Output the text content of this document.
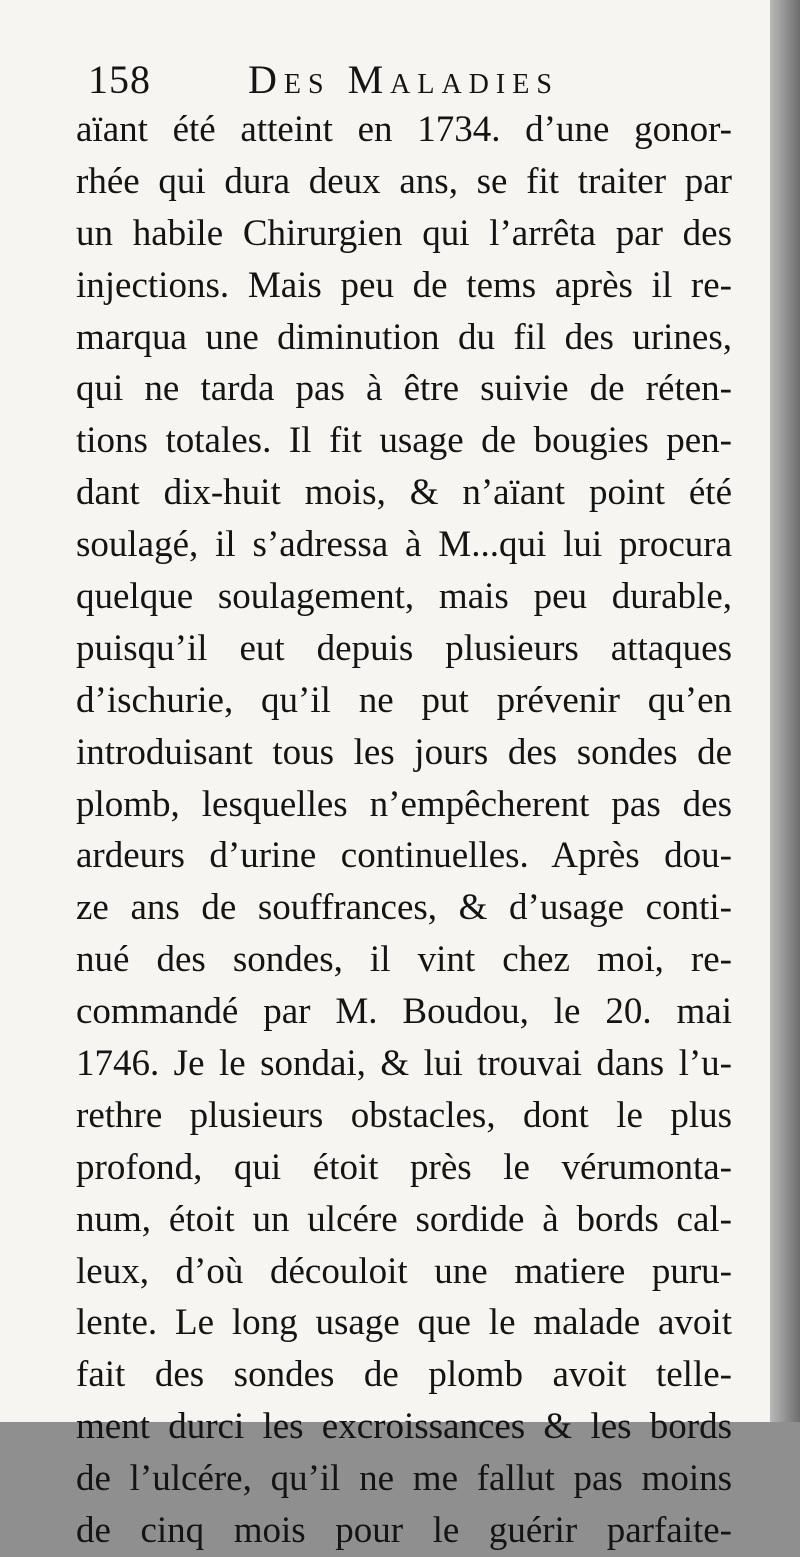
158 Des Maladies
aïant été atteint en 1734. d’une gonor-
rhée qui dura deux ans, se fit traiter par
un habile Chirurgien qui l’arrêta par des
injections. Mais peu de tems après il re-
marqua une diminution du fil des urines,
qui ne tarda pas à être suivie de réten-
tions totales. Il fit usage de bougies pen-
dant dix-huit mois, & n’aïant point été
soulagé, il s’adressa à M...qui lui procura
quelque soulagement, mais peu durable,
puisqu’il eut depuis plusieurs attaques
d’ischurie, qu’il ne put prévenir qu’en
introduisant tous les jours des sondes de
plomb, lesquelles n’empêcherent pas des
ardeurs d’urine continuelles. Après dou-
ze ans de souffrances, & d’usage conti-
nué des sondes, il vint chez moi, re-
commandé par M. Boudou, le 20. mai
1746. Je le sondai, & lui trouvai dans l’u-
rethre plusieurs obstacles, dont le plus
profond, qui étoit près le vérumonta-
num, étoit un ulcére sordide à bords cal-
leux, d’où découloit une matiere puru-
lente. Le long usage que le malade avoit
fait des sondes de plomb avoit telle-
ment durci les excroissances & les bords
de l’ulcére, qu’il ne me fallut pas moins
de cinq mois pour le guérir parfaite-
